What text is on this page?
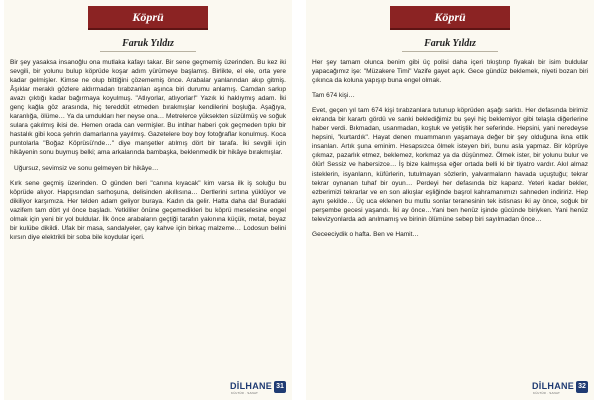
Köprü
Faruk Yıldız

Bir şey yasaksa insanoğlu ona mutlaka kafayı takar. Bir sene geçmemiş üzerinden. Bu kez iki sevgili, bir yolunu bulup köprüde koşar adım yürümeye başlamış. Birlikte, el ele, orta yere kadar gelmişler. Kimse ne olup bittiğini çözememiş önce. Arabalar yanlarından akıp gitmiş. Âşıklar meraklı gözlere aldırmadan tırabzanları aşınca biri durumu anlamış. Camdan sarkıp avazı çıktığı kadar bağırmaya koyulmuş. "Atlıyorlar, atlıyorlar!" Yazık ki haklıymış adam. İki genç kağla göz arasında, hiç tereddüt etmeden bırakmışlar kendilerini boşluğa. Aşağıya, karanlığa, ölüme… Ya da umdukları her neyse ona… Metrelerce yüksekten süzülmüş ve soğuk sulara çakılmış ikisi de. Hemen orada can vermişler. Bu intihar haberi çok geçmeden tıpkı bir hastalık gibi koca şehrin damarlarına yayılmış. Gazetelere boy boy fotoğraflar konulmuş. Koca puntolarla "Boğaz Köprüsü'nde…" diye manşetler atılmış dört bir tarafa. İki sevgili için hikâyenin sonu buymuş belki; ama arkalarında bambaşka, beklenmedik bir hikâye bırakmışlar.

Uğursuz, sevimsiz ve sonu gelmeyen bir hikâye…

Kırk sene geçmiş üzerinden. O günden beri "canına kıyacak" kim varsa ilk iş soluğu bu köprüde alıyor. Hapçısından sarhoşuna, delisinden akıllısına… Dertlerini sırtına yüklüyor ve dikiliyor karşımıza. Her telden adam geliyor buraya. Kadın da gelir. Hatta daha da! Buradaki vazifem tam dört yıl önce başladı. Yetkililer önüne geçemedikleri bu köprü meselesine engel olmak için yeni bir yol buldular. İlk önce arabaların geçtiği tarafın yakınına küçük, metal, beyaz bir kulübe dikildi. Ufak bir masa, sandalyeler, çay kahve için birkaç malzeme… Lodosun belini kırsın diye elektrikli bir soba bile koydular içeri.

DİLHANE
KÜLTÜR · SANAT
31
Köprü
Faruk Yıldız

Her şey tamam olunca benim gibi üç polisi daha içeri tıkıştırıp fiyakalı bir isim buldular yapacağımız işe: "Müzakere Timi" Vazife gayet açık. Gece gündüz beklemek, niyeti bozan biri çıkınca da koluna yapışıp buna engel olmak.

Tam 674 kişi…

Evet, geçen yıl tam 674 kişi tırabzanlara tutunup köprüden aşağı sarktı. Her defasında birimiz ekranda bir karartı gördü ve sanki beklediğimiz bu şeyi hiç beklemiyor gibi telaşla diğerlerine haber verdi. Bıkmadan, usanmadan, koştuk ve yetiştik her seferinde. Hepsini, yani neredeyse hepsini, "kurtardık". Hayat denen muammanın yaşamaya değer bir şey olduğuna ikna ettik insanları. Artık şuna eminim. Hesapsızca ölmek isteyen biri, bunu asla yapmaz. Bir köprüye çıkmaz, pazarlık etmez, beklemez, korkmaz ya da düşünmez. Ölmek ister, bir yolunu bulur ve ölür! Sessiz ve habersizce… İş bize kalmışsa eğer ortada belli ki bir tiyatro vardır. Akıl almaz isteklerin, isyanların, küfürlerin, tutulmayan sözlerin, yalvarmaların havada uçuştuğu; tekrar tekrar oynanan tuhaf bir oyun… Perdeyi her defasında biz kapanz. Yeteri kadar bekler, ezberimizi tekrarlar ve en son alkışlar eşliğinde başrol kahramanımızı sahneden indiririz. Hep aynı şekilde… Üç uca eklenen bu mutlu sonlar teranesinin tek istisnası iki ay önce, soğuk bir perşembe gecesi yaşandı. İki ay önce…Yani ben henüz işinde gücünde biriyken. Yani henüz televizyonlarda adı anılmamış ve birinin ölümüne sebep biri sayılmadan önce…

Geceeciydik o hafta. Ben ve Hamit…

DİLHANE
KÜLTÜR · SANAT
32
